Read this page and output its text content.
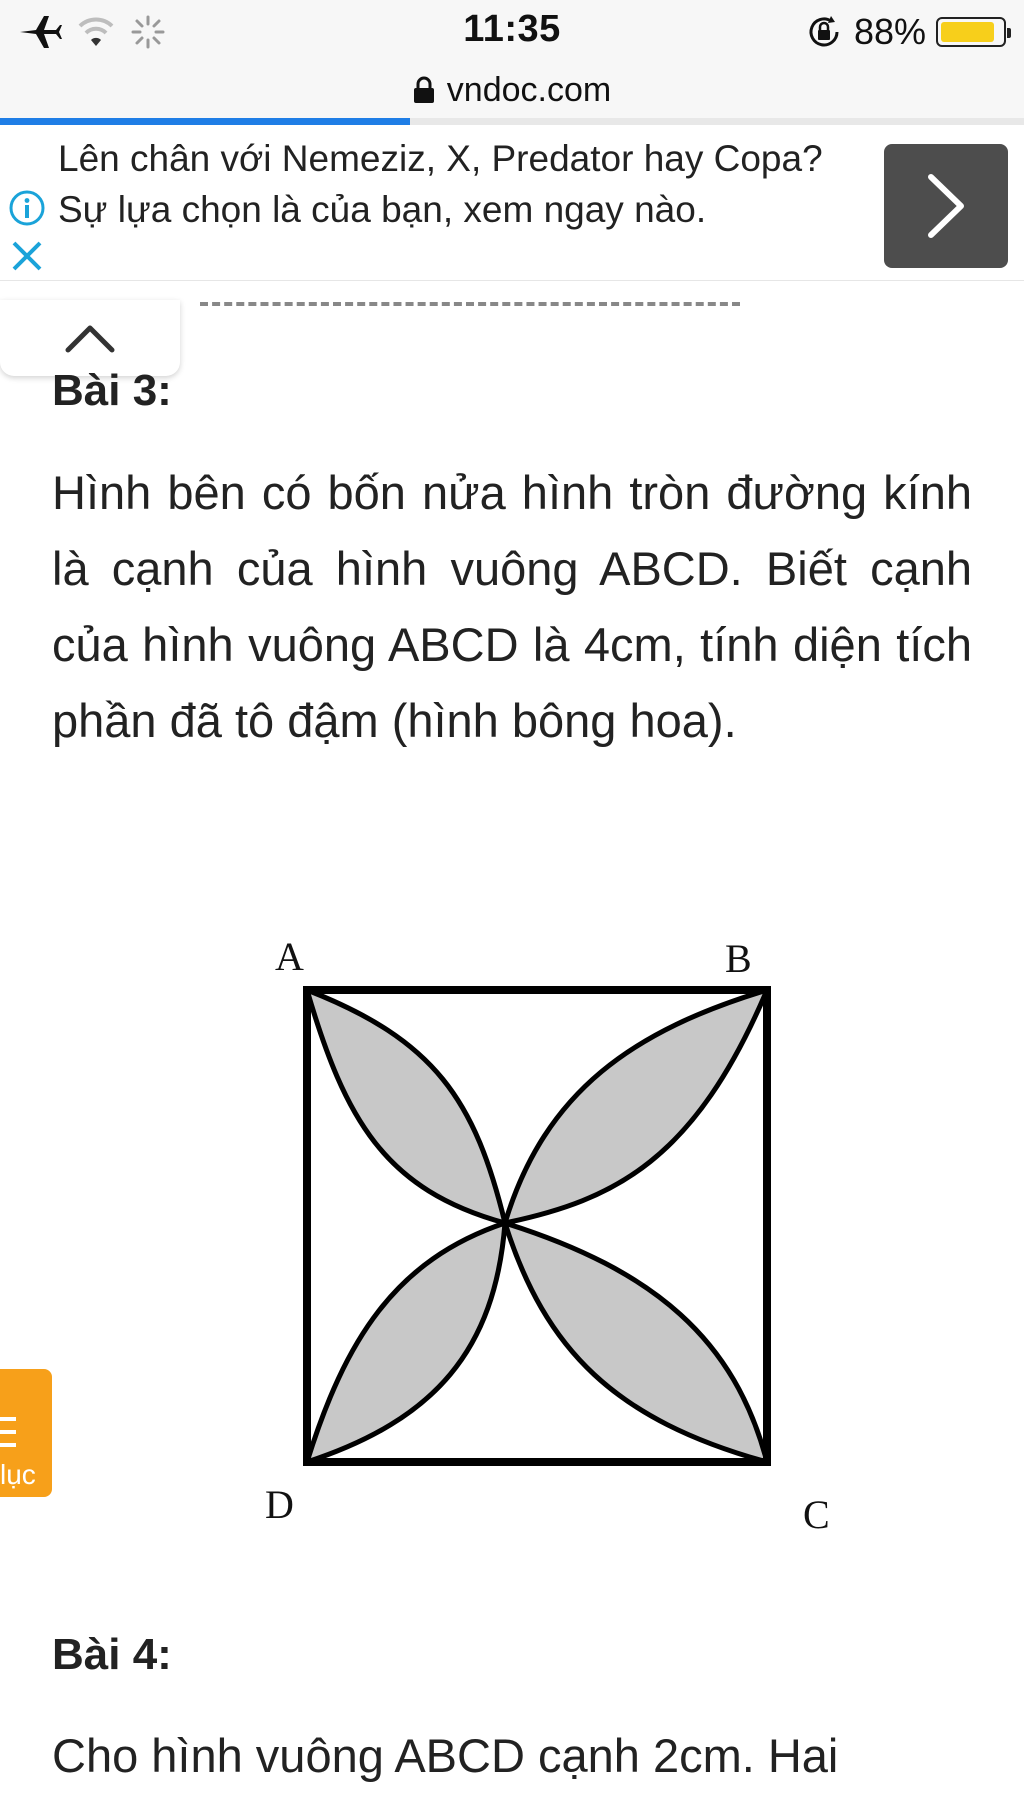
11:35	88%
vndoc.com
Lên chân với Nemeziz, X, Predator hay Copa? Sự lựa chọn là của bạn, xem ngay nào.
Bài 3:
Hình bên có bốn nửa hình tròn đường kính là cạnh của hình vuông ABCD. Biết cạnh của hình vuông ABCD là 4cm, tính diện tích phần đã tô đậm (hình bông hoa).
A	B
D	C
Bài 4:
Cho hình vuông ABCD cạnh 2cm. Hai
lục
